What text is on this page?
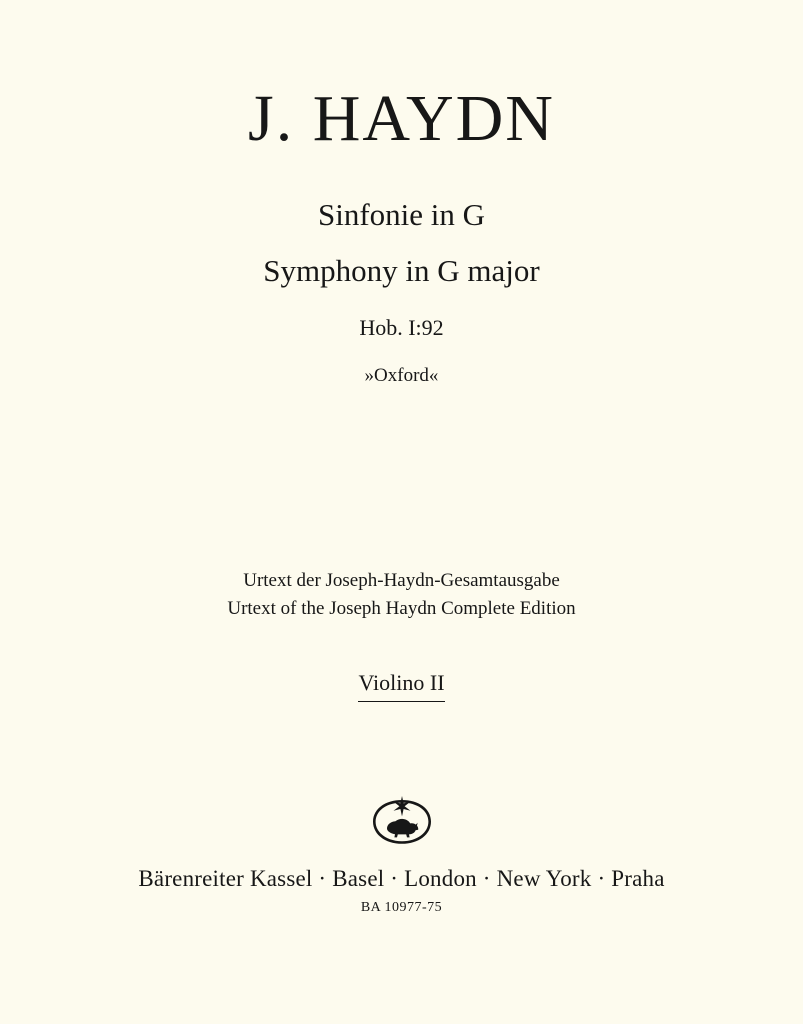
J. HAYDN
Sinfonie in G
Symphony in G major
Hob. I:92
»Oxford«
Urtext der Joseph-Haydn-Gesamtausgabe
Urtext of the Joseph Haydn Complete Edition
Violino II
Bärenreiter Kassel · Basel · London · New York · Praha
BA 10977-75
